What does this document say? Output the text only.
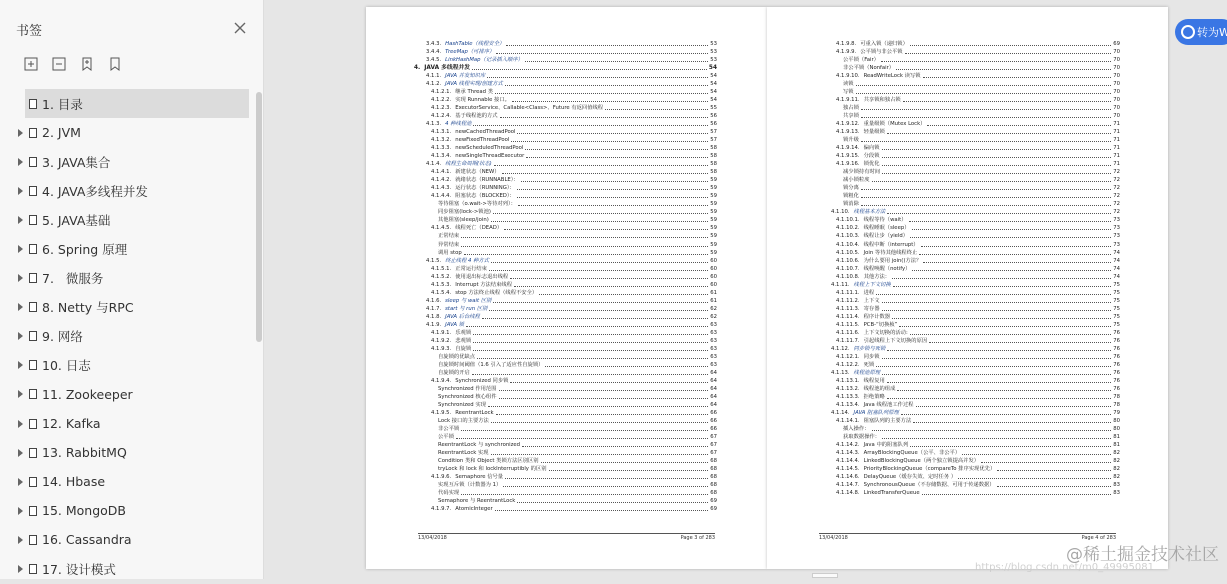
书签
1. 目录
2. JVM
3. JAVA集合
4. JAVA多线程并发
5. JAVA基础
6. Spring 原理
7.   微服务
8. Netty 与RPC
9. 网络
10. 日志
11. Zookeeper
12. Kafka
13. RabbitMQ
14. Hbase
15. MongoDB
16. Cassandra
17. 设计模式
3.4.3. HashTable（线程安全）	53
3.4.4. TreeMap（可排序）	53
3.4.5. LinkHashMap（记录插入顺序）	53
4. JAVA 多线程并发	54
4.1.1. JAVA 并发知识库	54
4.1.2. JAVA 线程实现/创建方式	54
4.1.2.1. 继承 Thread 类	54
4.1.2.2. 实现 Runnable 接口。	54
4.1.2.3. ExecutorService、Callable<Class>、Future 有返回值线程	55
4.1.2.4. 基于线程池的方式	56
4.1.3. 4 种线程池	56
4.1.3.1. newCachedThreadPool	57
4.1.3.2. newFixedThreadPool	57
4.1.3.3. newScheduledThreadPool	58
4.1.3.4. newSingleThreadExecutor	58
4.1.4. 线程生命周期(状态)	58
4.1.4.1. 新建状态（NEW）	58
4.1.4.2. 就绪状态（RUNNABLE）：	59
4.1.4.3. 运行状态（RUNNING）：	59
4.1.4.4. 阻塞状态（BLOCKED）：	59
等待阻塞（o.wait->等待对列）：	59
同步阻塞(lock->锁池)	59
其他阻塞(sleep/join)	59
4.1.4.5. 线程死亡（DEAD）	59
正常结束	59
异常结束	59
调用 stop	59
4.1.5. 终止线程 4 种方式	60
4.1.5.1. 正常运行结束	60
4.1.5.2. 使用退出标志退出线程	60
4.1.5.3. Interrupt 方法结束线程	60
4.1.5.4. stop 方法终止线程（线程不安全）	61
4.1.6. sleep 与 wait 区别	61
4.1.7. start 与 run 区别	62
4.1.8. JAVA 后台线程	62
4.1.9. JAVA 锁	63
4.1.9.1. 乐观锁	63
4.1.9.2. 悲观锁	63
4.1.9.3. 自旋锁	63
自旋锁的优缺点	63
自旋锁时间阈值（1.6 引入了适应性自旋锁）	63
自旋锁的开启	64
4.1.9.4. Synchronized 同步锁	64
Synchronized 作用范围	64
Synchronized 核心组件	64
Synchronized 实现	64
4.1.9.5. ReentrantLock	66
Lock 接口的主要方法	66
非公平锁	66
公平锁	67
ReentrantLock 与 synchronized	67
ReentrantLock 实现	67
Condition 类和 Object 类锁方法区别区别	68
tryLock 和 lock 和 lockInterruptibly 的区别	68
4.1.9.6. Semaphore 信号量	68
实现互斥锁（计数器为 1）	68
代码实现	68
Semaphore 与 ReentrantLock	69
4.1.9.7. AtomicInteger	69
13/04/2018	Page 3 of 283
4.1.9.8. 可重入锁（递归锁）	69
4.1.9.9. 公平锁与非公平锁	70
公平锁（Fair）	70
非公平锁（Nonfair）	70
4.1.9.10. ReadWriteLock 读写锁	70
读锁	70
写锁	70
4.1.9.11. 共享锁和独占锁	70
独占锁	70
共享锁	70
4.1.9.12. 重量级锁（Mutex Lock）	71
4.1.9.13. 轻量级锁	71
锁升级	71
4.1.9.14. 偏向锁	71
4.1.9.15. 分段锁	71
4.1.9.16. 锁优化	71
减少锁持有时间	72
减小锁粒度	72
锁分离	72
锁粗化	72
锁消除	72
4.1.10. 线程基本方法	72
4.1.10.1. 线程等待（wait）	73
4.1.10.2. 线程睡眠（sleep）	73
4.1.10.3. 线程让步（yield）	73
4.1.10.4. 线程中断（interrupt）	73
4.1.10.5. Join 等待其他线程终止	74
4.1.10.6. 为什么要用 join()方法？	74
4.1.10.7. 线程唤醒（notify）	74
4.1.10.8. 其他方法：	74
4.1.11. 线程上下文切换	75
4.1.11.1. 进程	75
4.1.11.2. 上下文	75
4.1.11.3. 寄存器	75
4.1.11.4. 程序计数器	75
4.1.11.5. PCB-“切换桢”	75
4.1.11.6. 上下文切换的活动:	76
4.1.11.7. 引起线程上下文切换的原因	76
4.1.12. 同步锁与死锁	76
4.1.12.1. 同步锁	76
4.1.12.2. 死锁	76
4.1.13. 线程池原理	76
4.1.13.1. 线程复用	76
4.1.13.2. 线程池的组成	76
4.1.13.3. 拒绝策略	78
4.1.13.4. Java 线程池工作过程	78
4.1.14. JAVA 阻塞队列原理	79
4.1.14.1. 阻塞队列的主要方法	80
插入操作：	80
获取数据操作：	81
4.1.14.2. Java 中的阻塞队列	81
4.1.14.3. ArrayBlockingQueue（公平、非公平）	82
4.1.14.4. LinkedBlockingQueue（两个独立锁提高并发）	82
4.1.14.5. PriorityBlockingQueue（compareTo 排序实现优先）	82
4.1.14.6. DelayQueue（缓存失效、定时任务 ）	82
4.1.14.7. SynchronousQueue（不存储数据、可用于传递数据）	83
4.1.14.8. LinkedTransferQueue	83
13/04/2018	Page 4 of 283
转为W
@稀土掘金技术社区
https://blog.csdn.net/m0_49995081
